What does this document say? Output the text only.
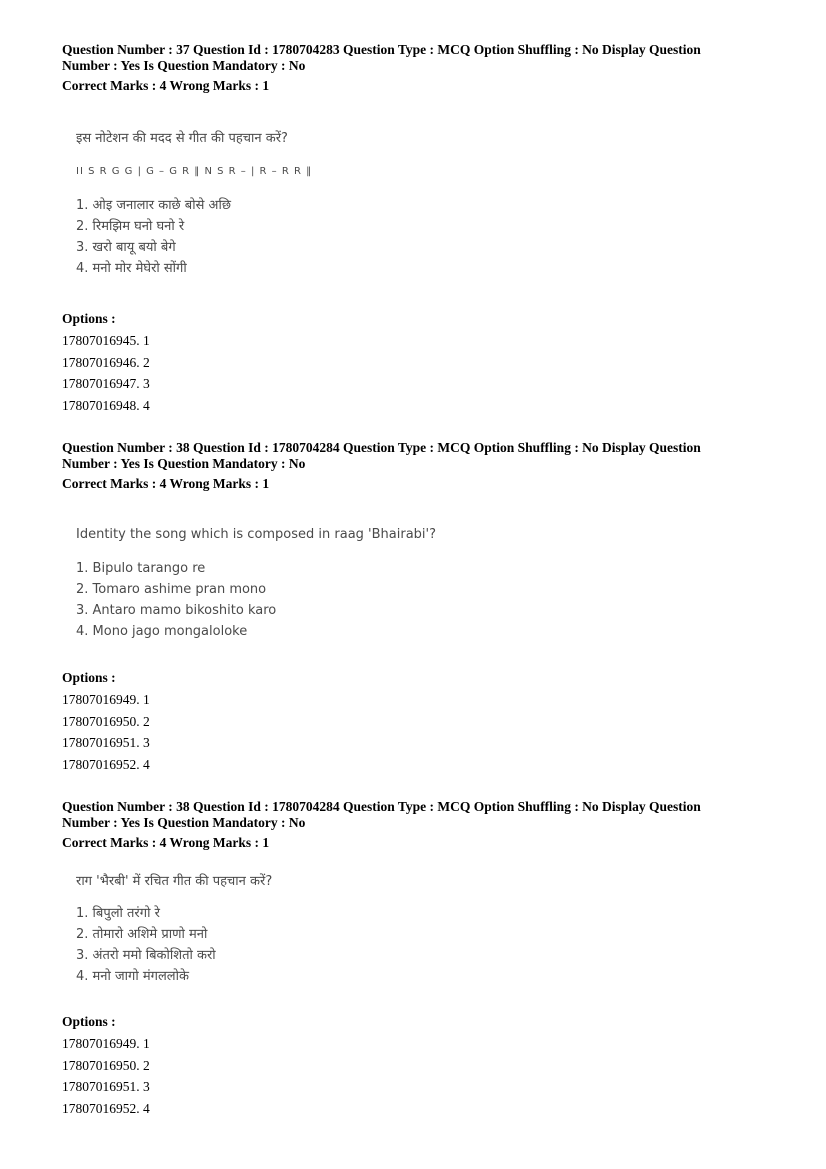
Question Number : 37 Question Id : 1780704283 Question Type : MCQ Option Shuffling : No Display Question
Number : Yes Is Question Mandatory : No
Correct Marks : 4 Wrong Marks : 1
इस नोटेशन की मदद से गीत की पहचान करें?
II S R G G | G – G R ‖ N S R – | R – R R ‖
1. ओइ जनालार काछे बोसे अछि
2. रिमझिम घनो घनो रे
3. खरो बायू बयो बेगे
4. मनो मोर मेघेरो सोंगी
Options :
17807016945. 1
17807016946. 2
17807016947. 3
17807016948. 4
Question Number : 38 Question Id : 1780704284 Question Type : MCQ Option Shuffling : No Display Question
Number : Yes Is Question Mandatory : No
Correct Marks : 4 Wrong Marks : 1
Identity the song which is composed in raag 'Bhairabi'?
1. Bipulo tarango re
2. Tomaro ashime pran mono
3. Antaro mamo bikoshito karo
4. Mono jago mongaloloke
Options :
17807016949. 1
17807016950. 2
17807016951. 3
17807016952. 4
Question Number : 38 Question Id : 1780704284 Question Type : MCQ Option Shuffling : No Display Question
Number : Yes Is Question Mandatory : No
Correct Marks : 4 Wrong Marks : 1
राग 'भैरबी' में रचित गीत की पहचान करें?
1. बिपुलो तरंगो रे
2. तोमारो अशिमे प्राणो मनो
3. अंतरो ममो बिकोशितो करो
4. मनो जागो मंगललोके
Options :
17807016949. 1
17807016950. 2
17807016951. 3
17807016952. 4
